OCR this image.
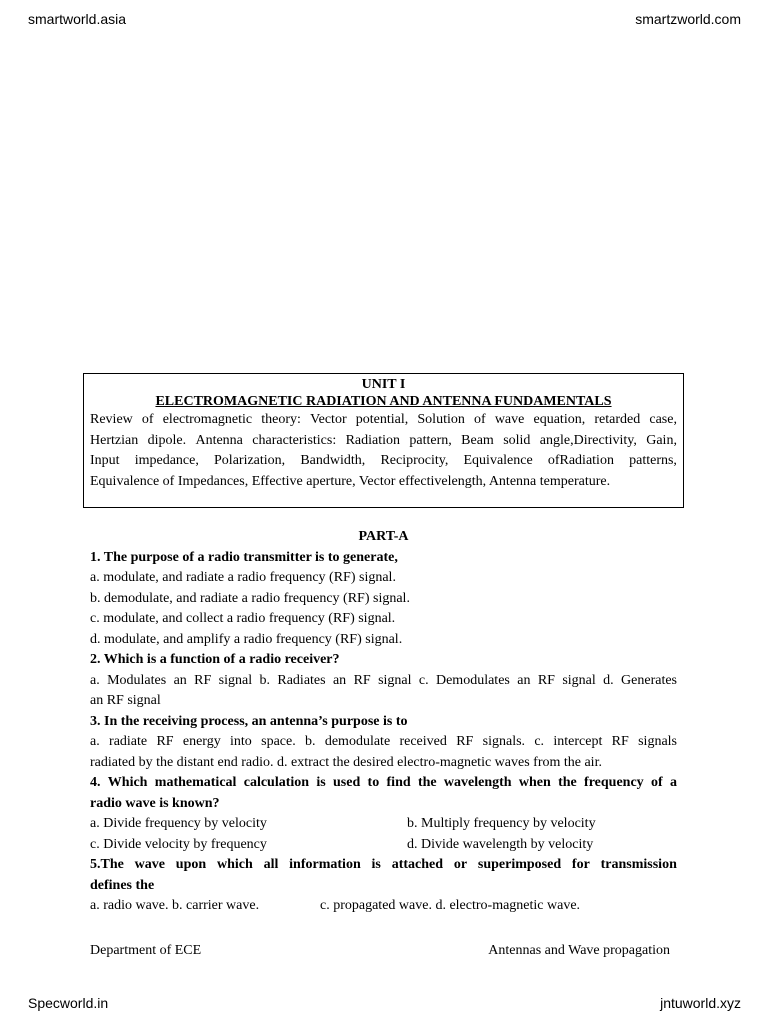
smartworld.asia	smartzworld.com
UNIT I
ELECTROMAGNETIC RADIATION AND ANTENNA FUNDAMENTALS
Review of electromagnetic theory: Vector potential, Solution of wave equation, retarded case,
Hertzian dipole. Antenna characteristics: Radiation pattern, Beam solid angle,Directivity, Gain,
Input impedance, Polarization, Bandwidth, Reciprocity, Equivalence ofRadiation patterns,
Equivalence of Impedances, Effective aperture, Vector effectivelength, Antenna temperature.
PART-A
1. The purpose of a radio transmitter is to generate,
a. modulate, and radiate a radio frequency (RF) signal.
b. demodulate, and radiate a radio frequency (RF) signal.
c. modulate, and collect a radio frequency (RF) signal.
d. modulate, and amplify a radio frequency (RF) signal.
2. Which is a function of a radio receiver?
a. Modulates an RF signal b. Radiates an RF signal c. Demodulates an RF signal d. Generates
an RF signal
3. In the receiving process, an antenna’s purpose is to
a. radiate RF energy into space. b. demodulate received RF signals. c. intercept RF signals
radiated by the distant end radio. d. extract the desired electro-magnetic waves from the air.
4. Which mathematical calculation is used to find the wavelength when the frequency of a
radio wave is known?
a. Divide frequency by velocity	b. Multiply frequency by velocity
c. Divide velocity by frequency	d. Divide wavelength by velocity
5.The wave upon which all information is attached or superimposed for transmission
defines the
a. radio wave. b. carrier wave.	c. propagated wave. d. electro-magnetic wave.
Department of ECE	Antennas and Wave propagation
Specworld.in	jntuworld.xyz
